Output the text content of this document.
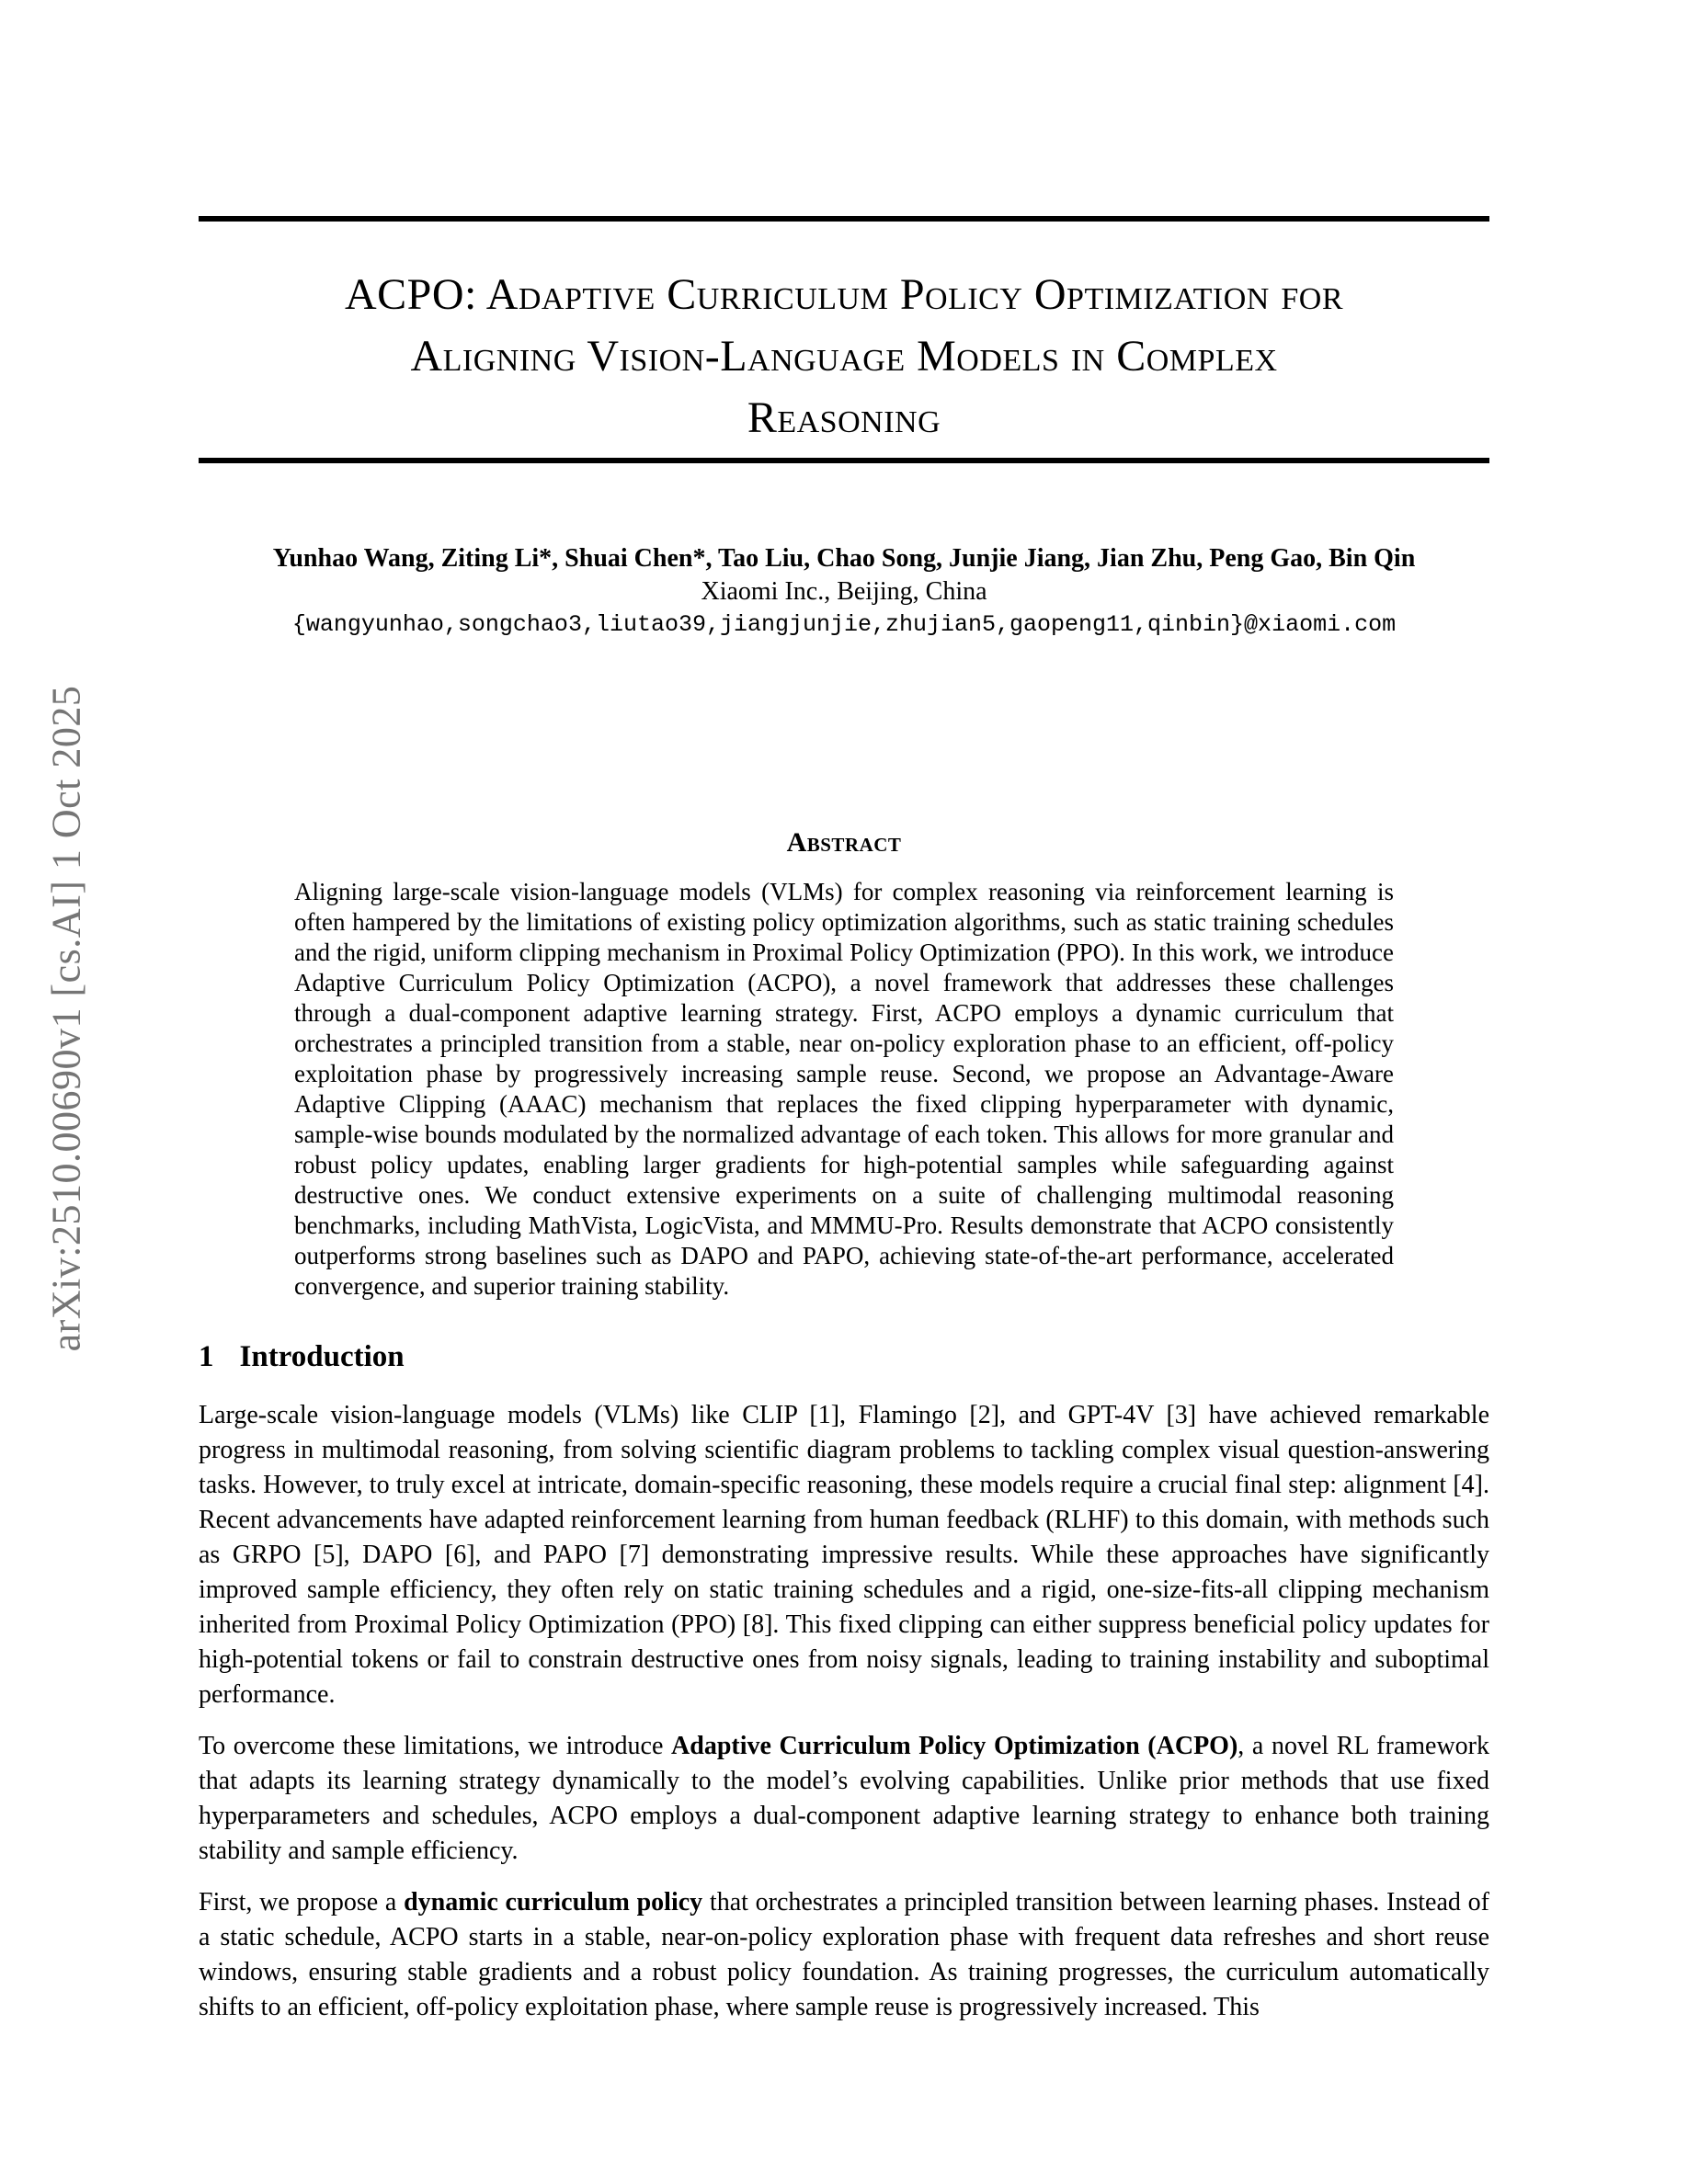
arXiv:2510.00690v1 [cs.AI] 1 Oct 2025
ACPO: Adaptive Curriculum Policy Optimization for
Aligning Vision-Language Models in Complex
Reasoning
Yunhao Wang, Ziting Li*, Shuai Chen*, Tao Liu, Chao Song, Junjie Jiang, Jian Zhu, Peng Gao, Bin Qin
Xiaomi Inc., Beijing, China
{wangyunhao,songchao3,liutao39,jiangjunjie,zhujian5,gaopeng11,qinbin}@xiaomi.com
Abstract
Aligning large-scale vision-language models (VLMs) for complex reasoning via reinforcement learning is often hampered by the limitations of existing policy optimization algorithms, such as static training schedules and the rigid, uniform clipping mechanism in Proximal Policy Optimization (PPO). In this work, we introduce Adaptive Curriculum Policy Optimization (ACPO), a novel framework that addresses these challenges through a dual-component adaptive learning strategy. First, ACPO employs a dynamic curriculum that orchestrates a principled transition from a stable, near on-policy exploration phase to an efficient, off-policy exploitation phase by progressively increasing sample reuse. Second, we propose an Advantage-Aware Adaptive Clipping (AAAC) mechanism that replaces the fixed clipping hyperparameter with dynamic, sample-wise bounds modulated by the normalized advantage of each token. This allows for more granular and robust policy updates, enabling larger gradients for high-potential samples while safeguarding against destructive ones. We conduct extensive experiments on a suite of challenging multimodal reasoning benchmarks, including MathVista, LogicVista, and MMMU-Pro. Results demonstrate that ACPO consistently outperforms strong baselines such as DAPO and PAPO, achieving state-of-the-art performance, accelerated convergence, and superior training stability.
1 Introduction
Large-scale vision-language models (VLMs) like CLIP [1], Flamingo [2], and GPT-4V [3] have achieved remarkable progress in multimodal reasoning, from solving scientific diagram problems to tackling complex visual question-answering tasks. However, to truly excel at intricate, domain-specific reasoning, these models require a crucial final step: alignment [4]. Recent advancements have adapted reinforcement learning from human feedback (RLHF) to this domain, with methods such as GRPO [5], DAPO [6], and PAPO [7] demonstrating impressive results. While these approaches have significantly improved sample efficiency, they often rely on static training schedules and a rigid, one-size-fits-all clipping mechanism inherited from Proximal Policy Optimization (PPO) [8]. This fixed clipping can either suppress beneficial policy updates for high-potential tokens or fail to constrain destructive ones from noisy signals, leading to training instability and suboptimal performance.
To overcome these limitations, we introduce Adaptive Curriculum Policy Optimization (ACPO), a novel RL framework that adapts its learning strategy dynamically to the model’s evolving capabilities. Unlike prior methods that use fixed hyperparameters and schedules, ACPO employs a dual-component adaptive learning strategy to enhance both training stability and sample efficiency.
First, we propose a dynamic curriculum policy that orchestrates a principled transition between learning phases. Instead of a static schedule, ACPO starts in a stable, near-on-policy exploration phase with frequent data refreshes and short reuse windows, ensuring stable gradients and a robust policy foundation. As training progresses, the curriculum automatically shifts to an efficient, off-policy exploitation phase, where sample reuse is progressively increased. This
